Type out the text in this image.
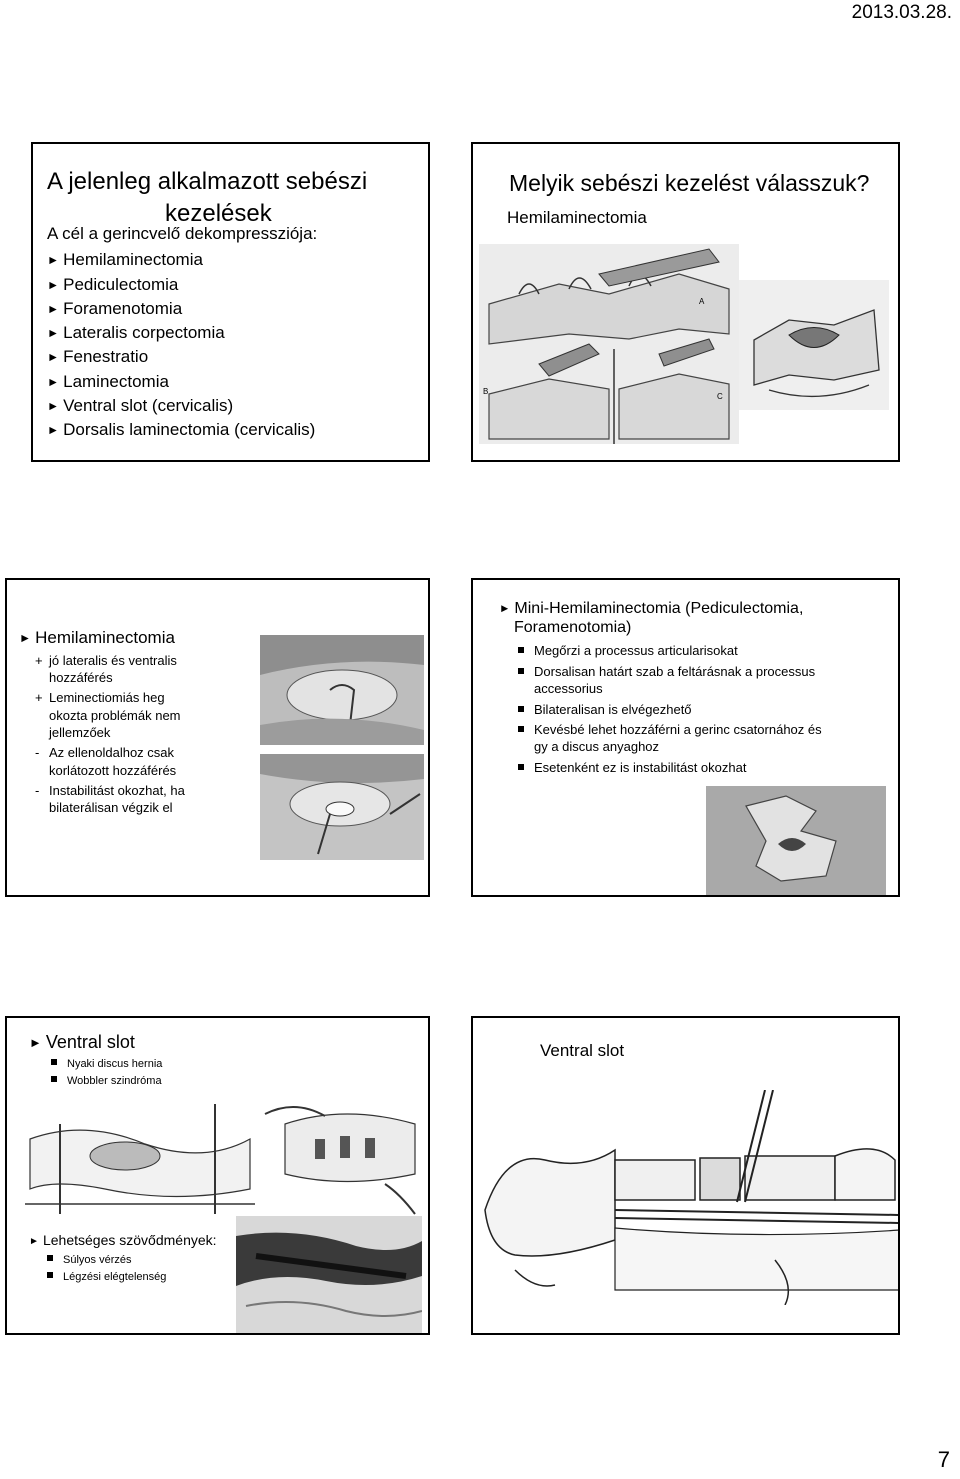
2013.03.28.
A jelenleg alkalmazott sebészi
kezelések
A cél a gerincvelő dekompressziója:
► Hemilaminectomia
► Pediculectomia
► Foramenotomia
► Lateralis corpectomia
► Fenestratio
► Laminectomia
► Ventral slot (cervicalis)
► Dorsalis laminectomia (cervicalis)
Melyik sebészi kezelést válasszuk?
Hemilaminectomia
A
B
C
► Hemilaminectomia
+ jó lateralis és ventralis
hozzáférés
+ Leminectiomiás heg
okozta problémák nem
jellemzőek
- Az ellenoldalhoz csak
korlátozott hozzáférés
- Instabilitást okozhat, ha
bilaterálisan végzik el
► Mini-Hemilaminectomia (Pediculectomia,
Foramenotomia)
Megőrzi a processus articularisokat
Dorsalisan határt szab a feltárásnak a processus
accessorius
Bilateralisan is elvégezhető
Kevésbé lehet hozzáférni a gerinc csatornához és
gy a discus anyaghoz
Esetenként ez is instabilitást okozhat
► Ventral slot
Nyaki discus hernia
Wobbler szindróma
► Lehetséges szövődmények:
Súlyos vérzés
Légzési elégtelenség
Ventral slot
7
